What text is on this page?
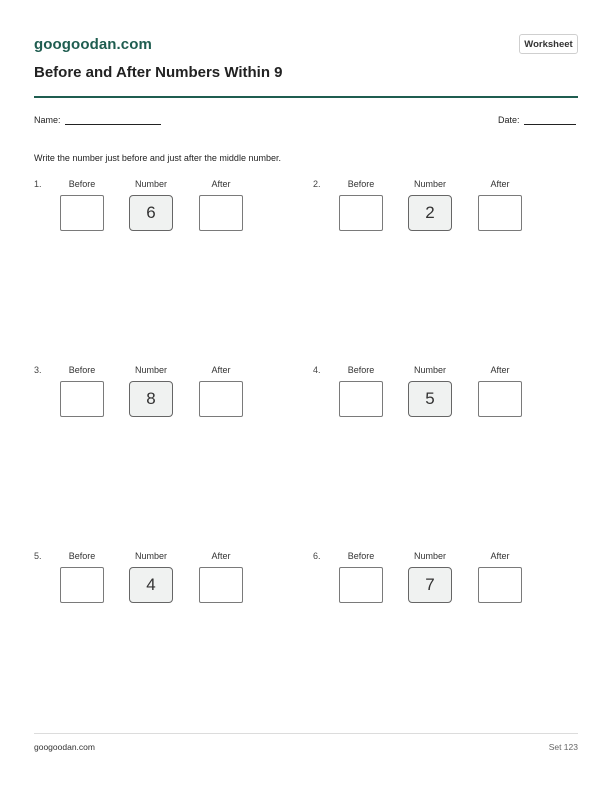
googoodan.com	Worksheet
Before and After Numbers Within 9
Name:	Date:
Write the number just before and just after the middle number.
1.	Before	Number	After
6
2.	Before	Number	After
2
3.	Before	Number	After
8
4.	Before	Number	After
5
5.	Before	Number	After
4
6.	Before	Number	After
7
googoodan.com	Set 123
